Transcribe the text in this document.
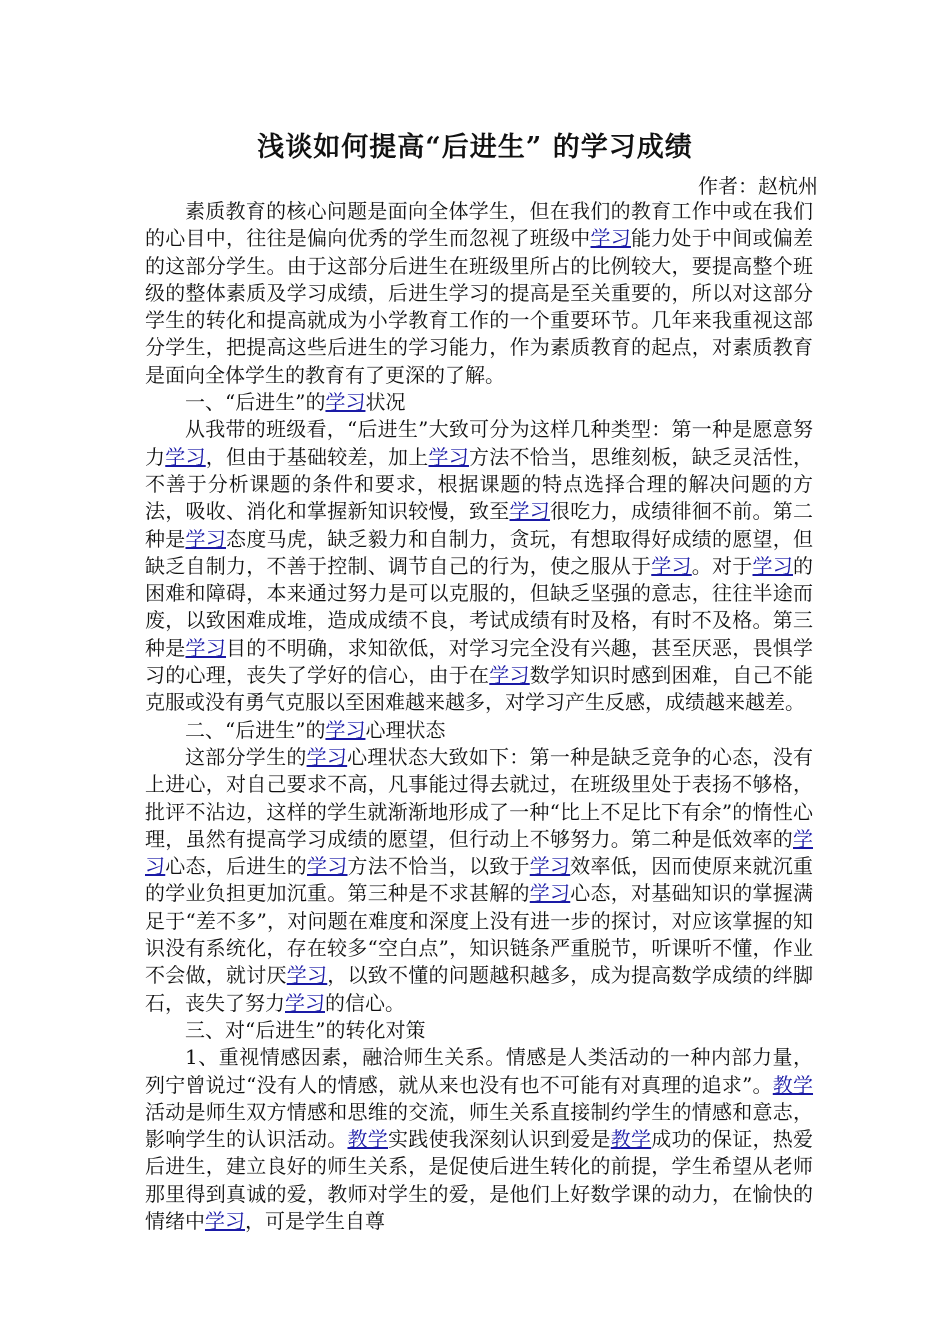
浅谈如何提高“后进生” 的学习成绩
作者：赵杭州

素质教育的核心问题是面向全体学生，但在我们的教育工作中或在我们的心目中，往往是偏向优秀的学生而忽视了班级中学习能力处于中间或偏差的这部分学生。由于这部分后进生在班级里所占的比例较大，要提高整个班级的整体素质及学习成绩，后进生学习的提高是至关重要的，所以对这部分学生的转化和提高就成为小学教育工作的一个重要环节。几年来我重视这部分学生，把提高这些后进生的学习能力，作为素质教育的起点，对素质教育是面向全体学生的教育有了更深的了解。

一、“后进生”的学习状况

从我带的班级看，“后进生”大致可分为这样几种类型：第一种是愿意努力学习，但由于基础较差，加上学习方法不恰当，思维刻板，缺乏灵活性，不善于分析课题的条件和要求，根据课题的特点选择合理的解决问题的方法，吸收、消化和掌握新知识较慢，致至学习很吃力，成绩徘徊不前。第二种是学习态度马虎，缺乏毅力和自制力，贪玩，有想取得好成绩的愿望，但缺乏自制力，不善于控制、调节自己的行为，使之服从于学习。对于学习的困难和障碍，本来通过努力是可以克服的，但缺乏坚强的意志，往往半途而废，以致困难成堆，造成成绩不良，考试成绩有时及格，有时不及格。第三种是学习目的不明确，求知欲低，对学习完全没有兴趣，甚至厌恶，畏惧学习的心理，丧失了学好的信心，由于在学习数学知识时感到困难，自己不能克服或没有勇气克服以至困难越来越多，对学习产生反感，成绩越来越差。

二、“后进生”的学习心理状态

这部分学生的学习心理状态大致如下：第一种是缺乏竞争的心态，没有上进心，对自己要求不高，凡事能过得去就过，在班级里处于表扬不够格，批评不沾边，这样的学生就渐渐地形成了一种“比上不足比下有余”的惰性心理，虽然有提高学习成绩的愿望，但行动上不够努力。第二种是低效率的学习心态，后进生的学习方法不恰当，以致于学习效率低，因而使原来就沉重的学业负担更加沉重。第三种是不求甚解的学习心态，对基础知识的掌握满足于“差不多”，对问题在难度和深度上没有进一步的探讨，对应该掌握的知识没有系统化，存在较多“空白点”，知识链条严重脱节，听课听不懂，作业不会做，就讨厌学习，以致不懂的问题越积越多，成为提高数学成绩的绊脚石，丧失了努力学习的信心。

三、对“后进生”的转化对策

1、重视情感因素，融洽师生关系。情感是人类活动的一种内部力量，列宁曾说过“没有人的情感，就从来也没有也不可能有对真理的追求”。教学活动是师生双方情感和思维的交流，师生关系直接制约学生的情感和意志，影响学生的认识活动。教学实践使我深刻认识到爱是教学成功的保证，热爱后进生，建立良好的师生关系，是促使后进生转化的前提，学生希望从老师那里得到真诚的爱，教师对学生的爱，是他们上好数学课的动力，在愉快的情绪中学习，可是学生自尊
